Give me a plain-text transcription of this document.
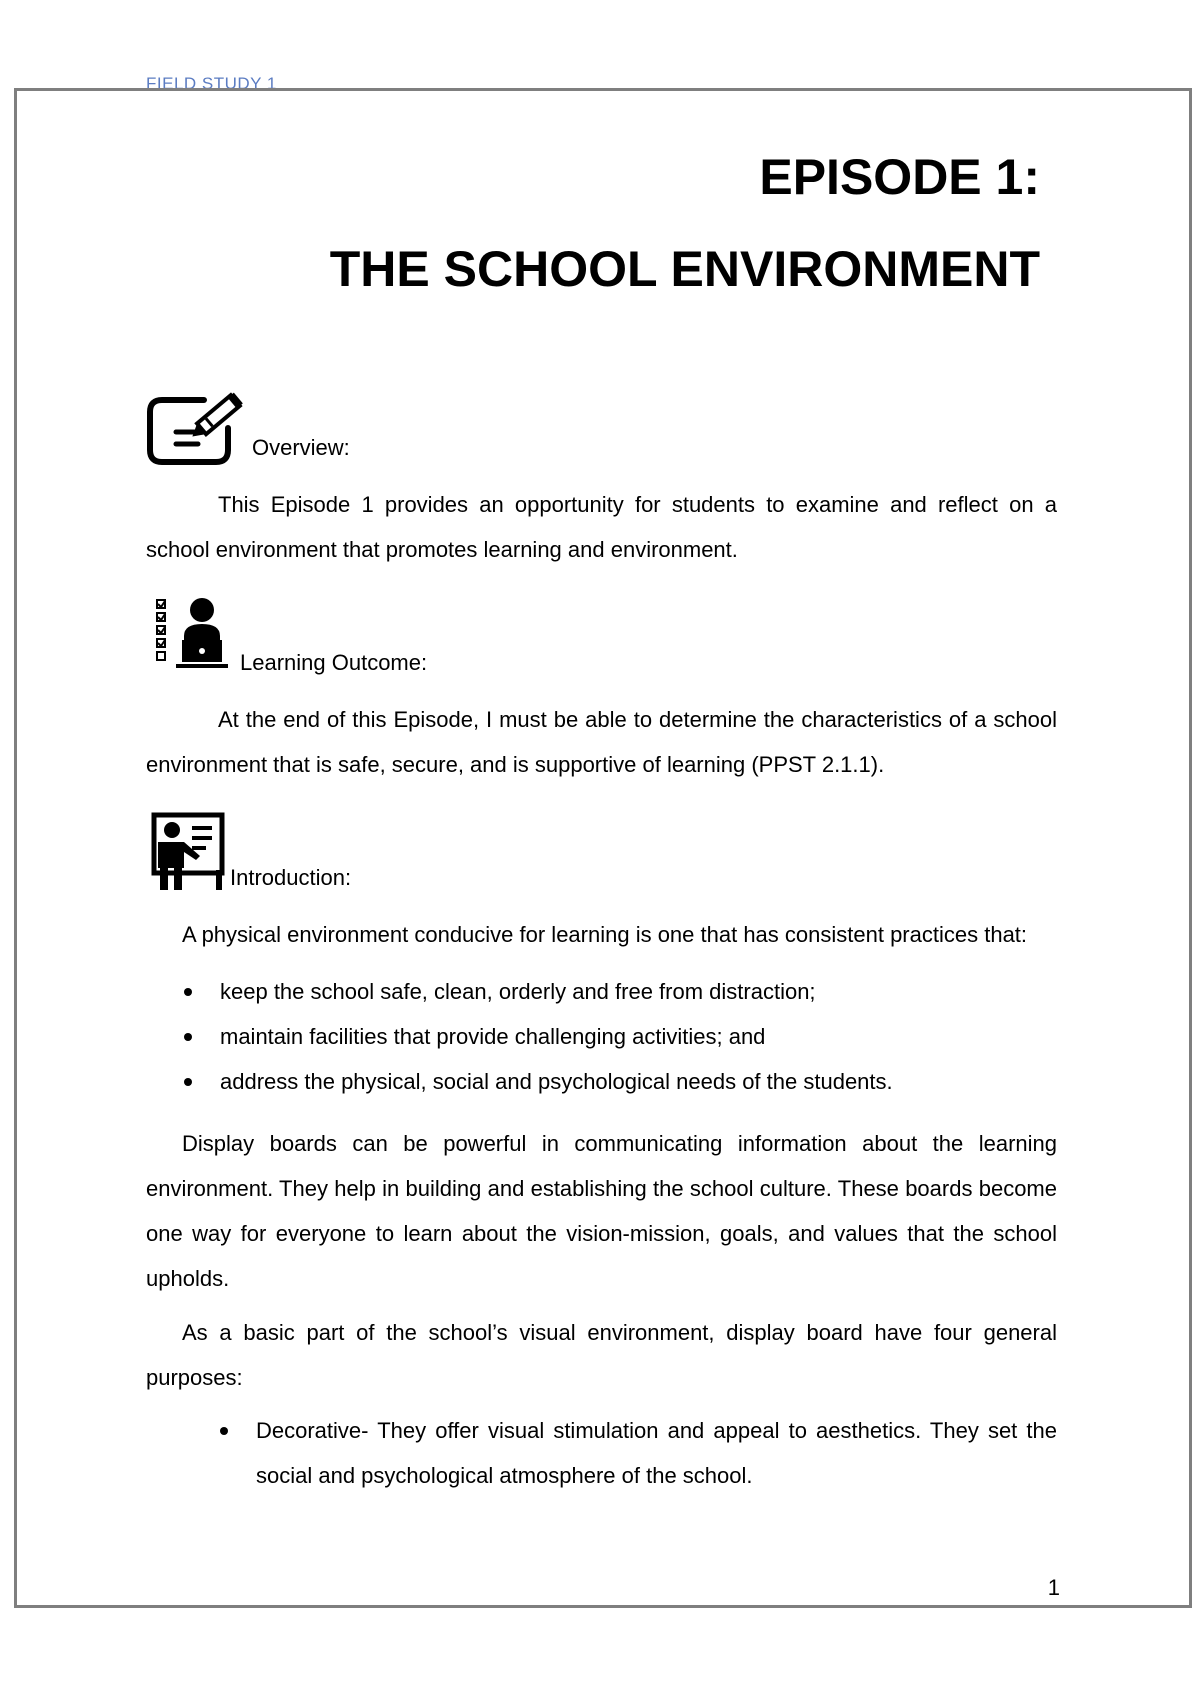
FIELD STUDY 1
EPISODE 1:
THE SCHOOL ENVIRONMENT
Overview:

This Episode 1 provides an opportunity for students to examine and reflect on a school environment that promotes learning and environment.

Learning Outcome:

At the end of this Episode, I must be able to determine the characteristics of a school environment that is safe, secure, and is supportive of learning (PPST 2.1.1).

Introduction:

A physical environment conducive for learning is one that has consistent practices that:

keep the school safe, clean, orderly and free from distraction;
maintain facilities that provide challenging activities; and
address the physical, social and psychological needs of the students.

Display boards can be powerful in communicating information about the learning environment. They help in building and establishing the school culture. These boards become one way for everyone to learn about the vision-mission, goals, and values that the school upholds.

As a basic part of the school’s visual environment, display board have four general purposes:

Decorative- They offer visual stimulation and appeal to aesthetics. They set the social and psychological atmosphere of the school.
1
